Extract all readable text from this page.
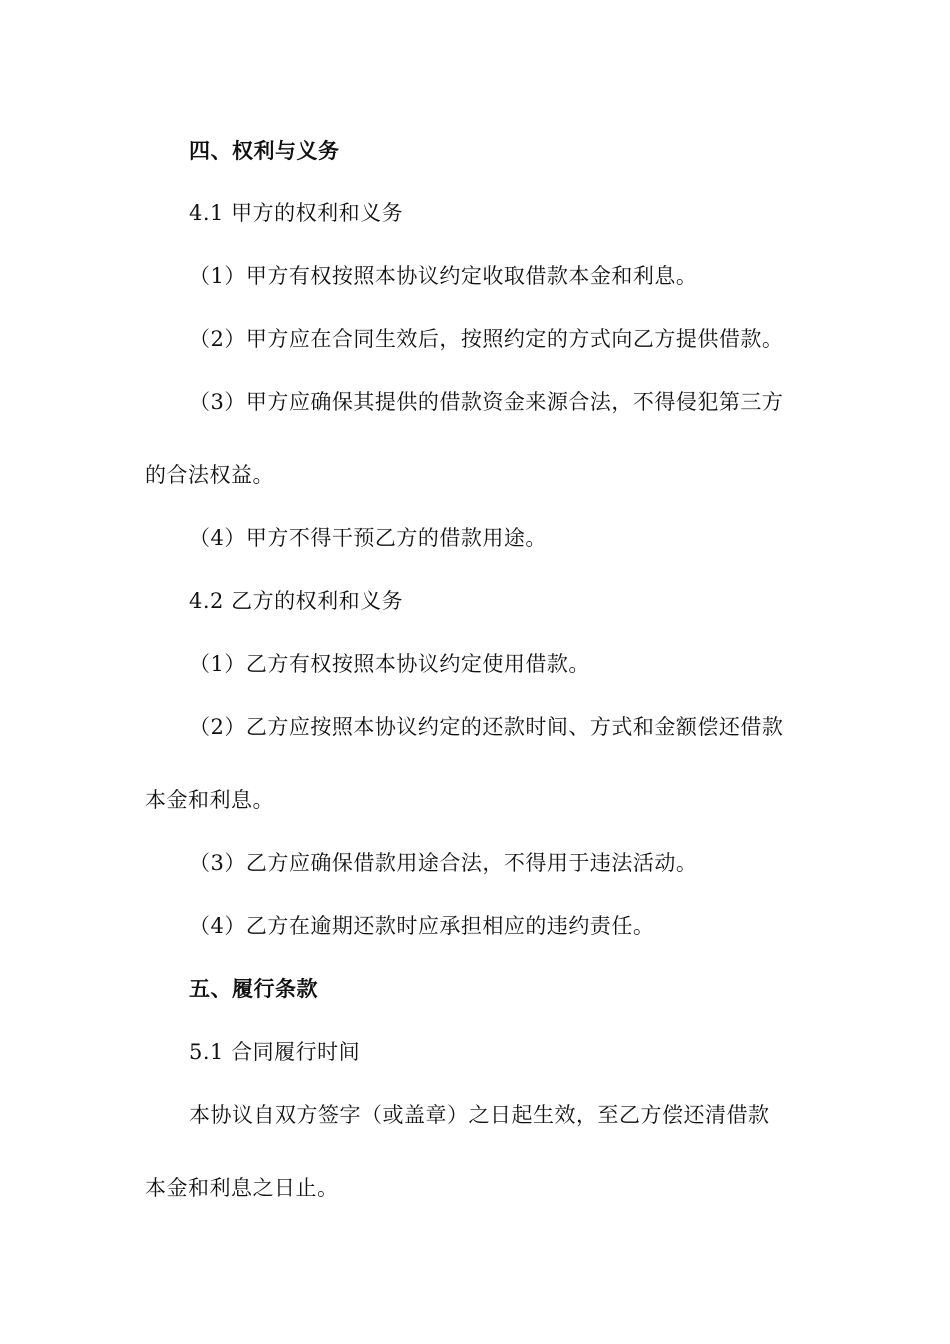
四、权利与义务
4.1 甲方的权利和义务
（1）甲方有权按照本协议约定收取借款本金和利息。
（2）甲方应在合同生效后，按照约定的方式向乙方提供借款。
（3）甲方应确保其提供的借款资金来源合法，不得侵犯第三方
的合法权益。
（4）甲方不得干预乙方的借款用途。
4.2 乙方的权利和义务
（1）乙方有权按照本协议约定使用借款。
（2）乙方应按照本协议约定的还款时间、方式和金额偿还借款
本金和利息。
（3）乙方应确保借款用途合法，不得用于违法活动。
（4）乙方在逾期还款时应承担相应的违约责任。
五、履行条款
5.1 合同履行时间
本协议自双方签字（或盖章）之日起生效，至乙方偿还清借款
本金和利息之日止。
